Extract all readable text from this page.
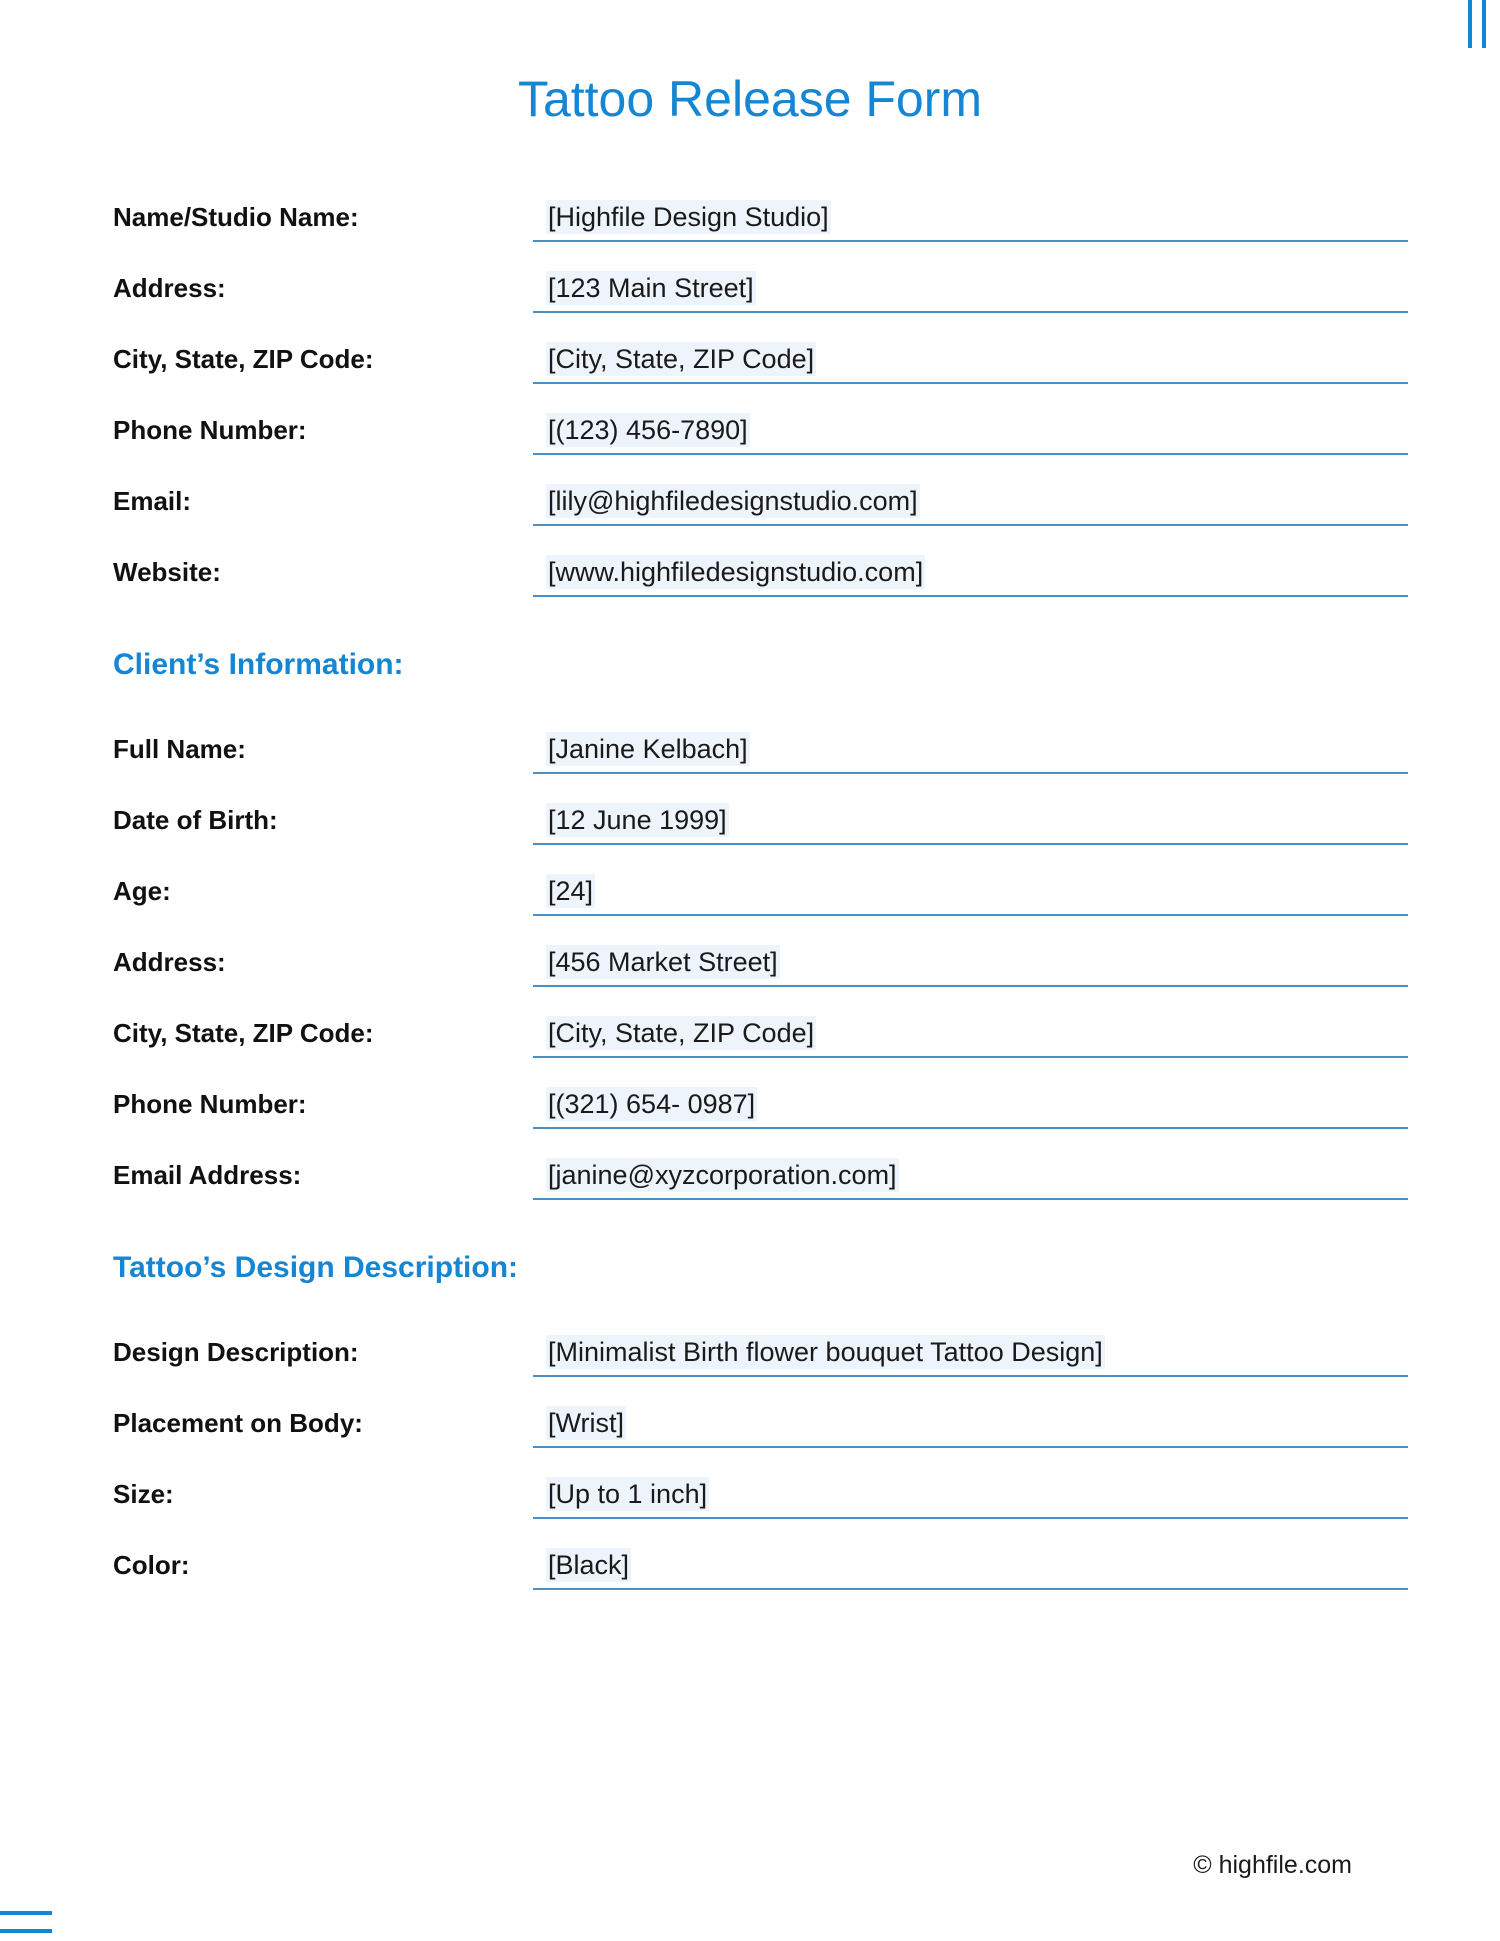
Tattoo Release Form
Name/Studio Name:	[Highfile Design Studio]
Address:	[123 Main Street]
City, State, ZIP Code:	[City, State, ZIP Code]
Phone Number:	[(123) 456-7890]
Email:	[lily@highfiledesignstudio.com]
Website:	[www.highfiledesignstudio.com]
Client’s Information:
Full Name:	[Janine Kelbach]
Date of Birth:	[12 June 1999]
Age:	[24]
Address:	[456 Market Street]
City, State, ZIP Code:	[City, State, ZIP Code]
Phone Number:	[(321) 654- 0987]
Email Address:	[janine@xyzcorporation.com]
Tattoo’s Design Description:
Design Description:	[Minimalist Birth flower bouquet Tattoo Design]
Placement on Body:	[Wrist]
Size:	[Up to 1 inch]
Color:	[Black]
© highfile.com
